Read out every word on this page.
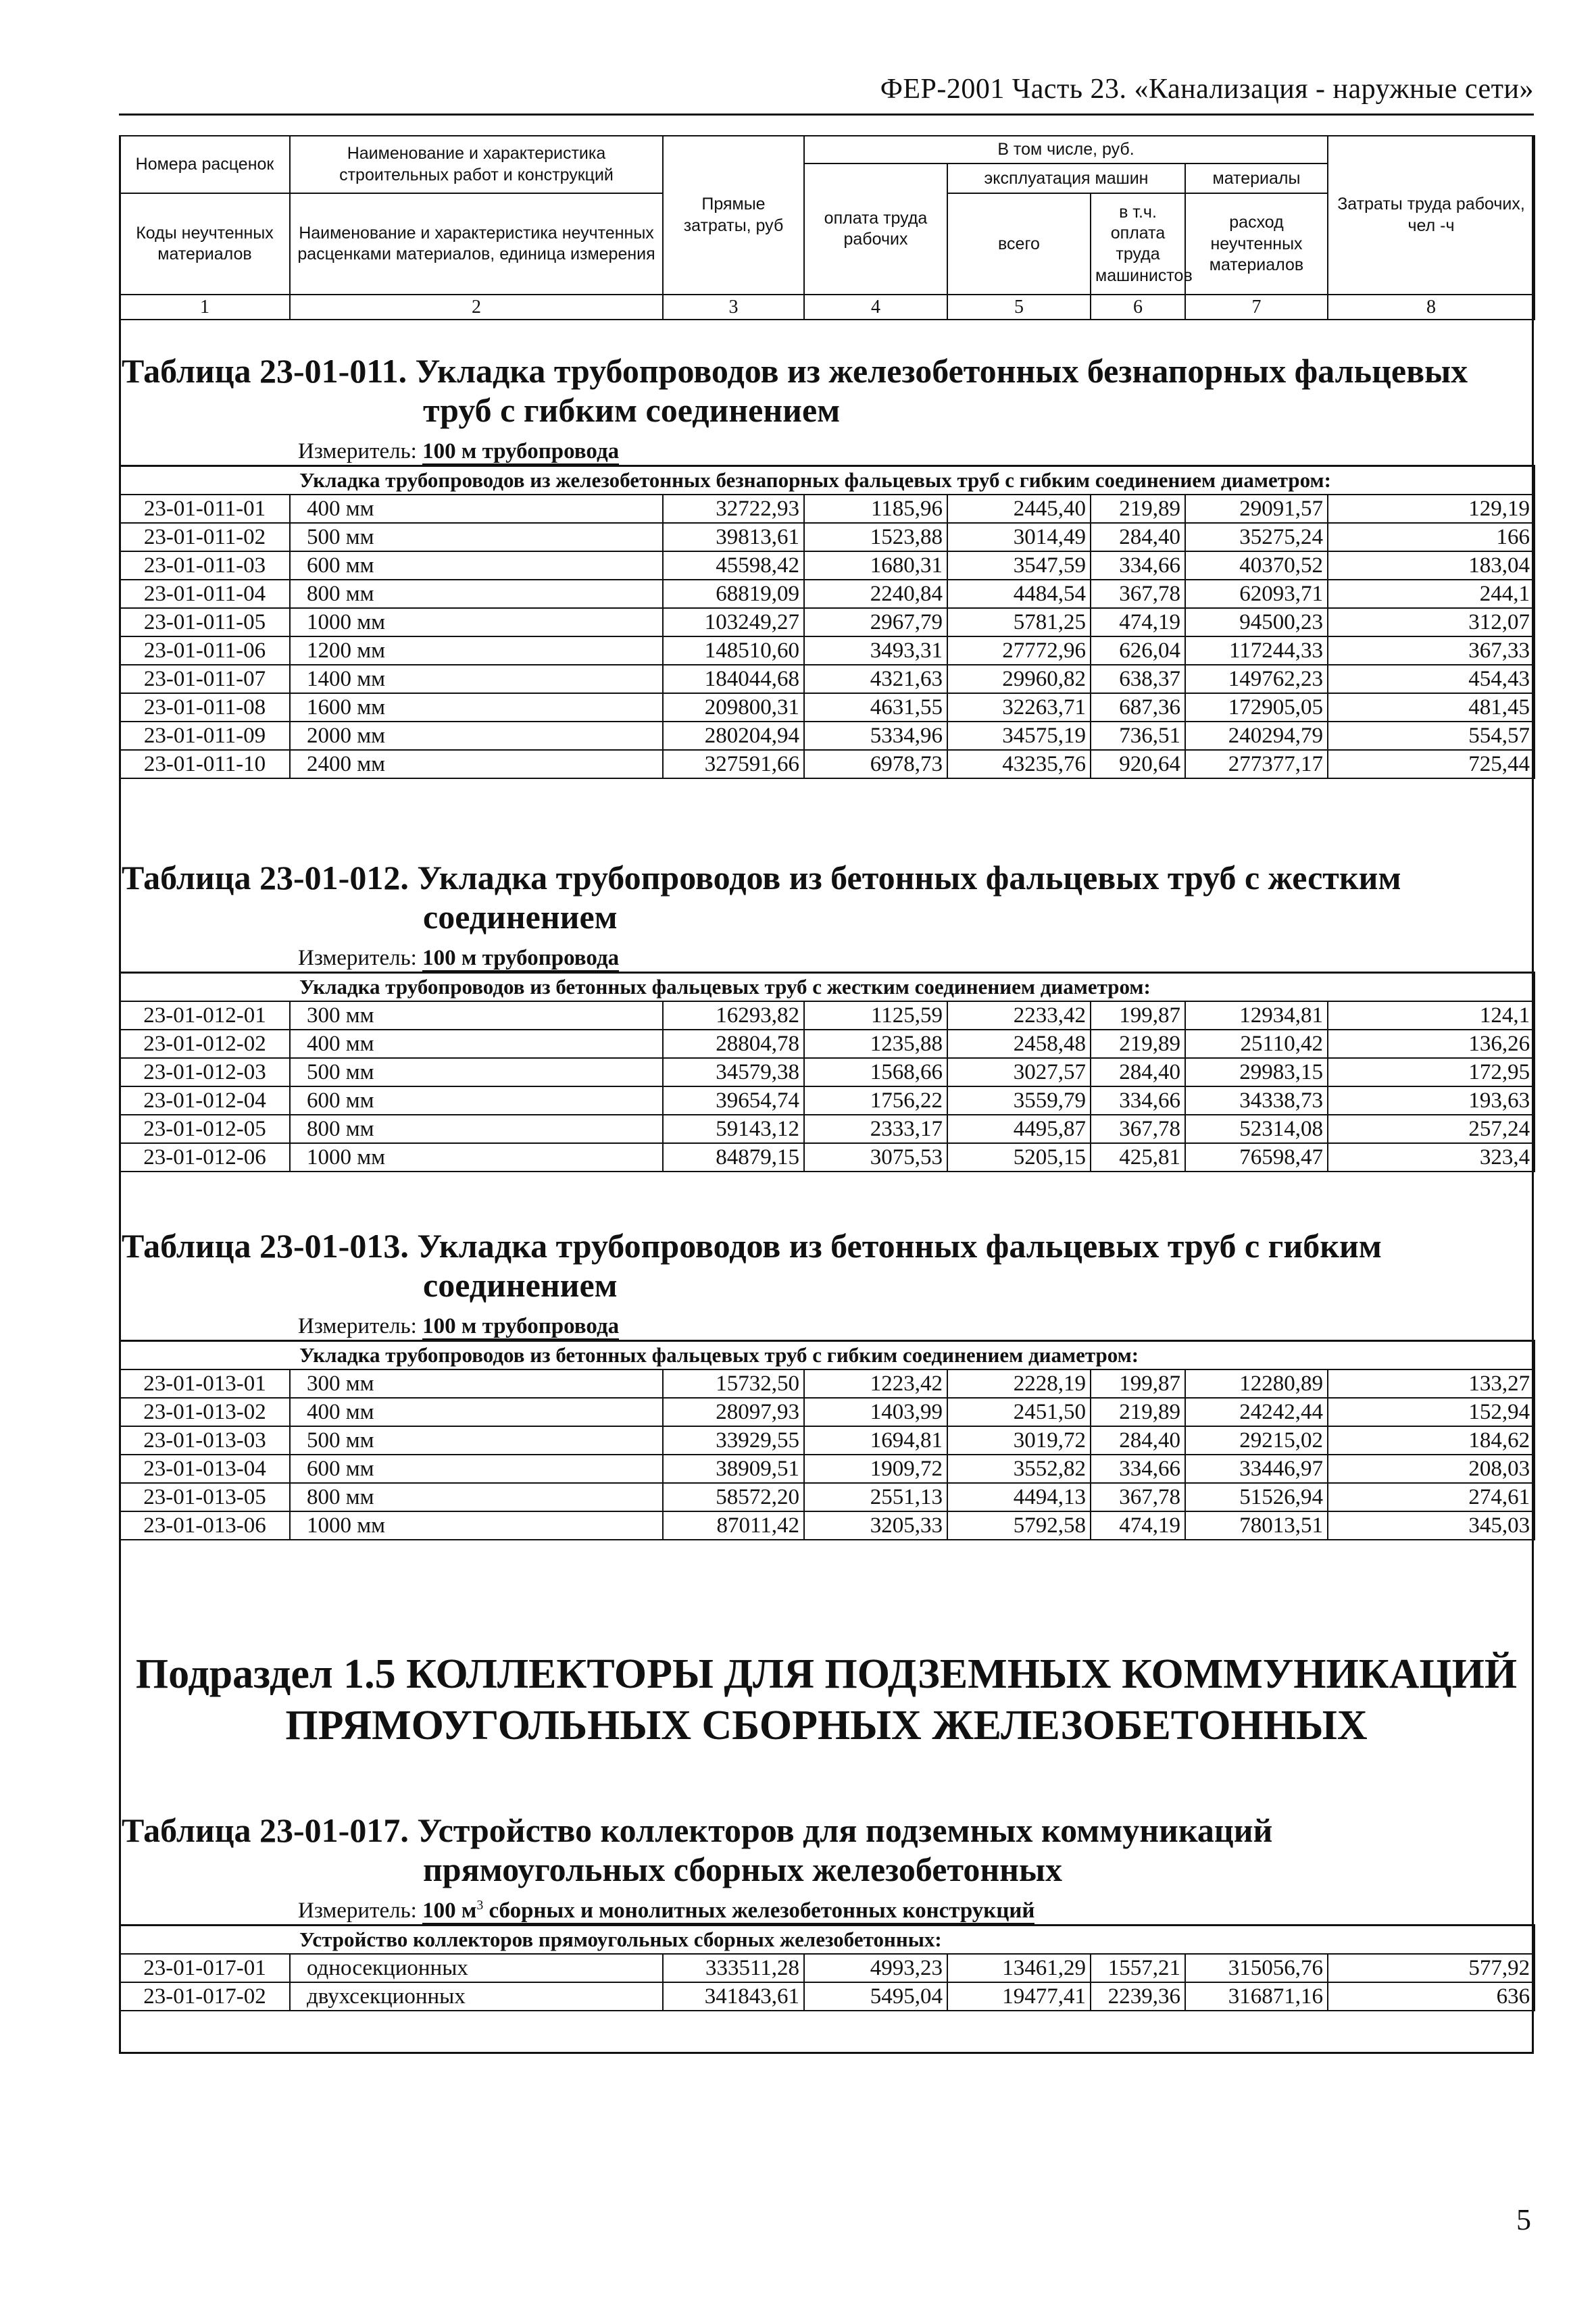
ФЕР-2001 Часть 23. «Канализация - наружные сети»
Номера расценок	Наименование и характеристика строительных работ и конструкций	Прямые затраты, руб	В том числе, руб.				Затраты труда рабочих, чел -ч
			оплата труда рабочих	эксплуатация машин		материалы	
Коды неучтенных материалов	Наименование и характеристика неучтенных расценками материалов, единица измерения			всего	в т.ч. оплата труда машинистов	расход неучтенных материалов	

1	2	3	4	5	6	7	8
Таблица 23-01-011. Укладка трубопроводов из железобетонных безнапорных фальцевых
труб с гибким соединением
Измеритель: 100 м трубопровода
Укладка трубопроводов из железобетонных безнапорных фальцевых труб с гибким соединением диаметром:							
23-01-011-01	400 мм	32722,93	1185,96	2445,40	219,89	29091,57	129,19
23-01-011-02	500 мм	39813,61	1523,88	3014,49	284,40	35275,24	166
23-01-011-03	600 мм	45598,42	1680,31	3547,59	334,66	40370,52	183,04
23-01-011-04	800 мм	68819,09	2240,84	4484,54	367,78	62093,71	244,1
23-01-011-05	1000 мм	103249,27	2967,79	5781,25	474,19	94500,23	312,07
23-01-011-06	1200 мм	148510,60	3493,31	27772,96	626,04	117244,33	367,33
23-01-011-07	1400 мм	184044,68	4321,63	29960,82	638,37	149762,23	454,43
23-01-011-08	1600 мм	209800,31	4631,55	32263,71	687,36	172905,05	481,45
23-01-011-09	2000 мм	280204,94	5334,96	34575,19	736,51	240294,79	554,57
23-01-011-10	2400 мм	327591,66	6978,73	43235,76	920,64	277377,17	725,44
Таблица 23-01-012. Укладка трубопроводов из бетонных фальцевых труб с жестким
соединением
Измеритель: 100 м трубопровода
Укладка трубопроводов из бетонных фальцевых труб с жестким соединением диаметром:							
23-01-012-01	300 мм	16293,82	1125,59	2233,42	199,87	12934,81	124,1
23-01-012-02	400 мм	28804,78	1235,88	2458,48	219,89	25110,42	136,26
23-01-012-03	500 мм	34579,38	1568,66	3027,57	284,40	29983,15	172,95
23-01-012-04	600 мм	39654,74	1756,22	3559,79	334,66	34338,73	193,63
23-01-012-05	800 мм	59143,12	2333,17	4495,87	367,78	52314,08	257,24
23-01-012-06	1000 мм	84879,15	3075,53	5205,15	425,81	76598,47	323,4
Таблица 23-01-013. Укладка трубопроводов из бетонных фальцевых труб с гибким
соединением
Измеритель: 100 м трубопровода
Укладка трубопроводов из бетонных фальцевых труб с гибким соединением диаметром:							
23-01-013-01	300 мм	15732,50	1223,42	2228,19	199,87	12280,89	133,27
23-01-013-02	400 мм	28097,93	1403,99	2451,50	219,89	24242,44	152,94
23-01-013-03	500 мм	33929,55	1694,81	3019,72	284,40	29215,02	184,62
23-01-013-04	600 мм	38909,51	1909,72	3552,82	334,66	33446,97	208,03
23-01-013-05	800 мм	58572,20	2551,13	4494,13	367,78	51526,94	274,61
23-01-013-06	1000 мм	87011,42	3205,33	5792,58	474,19	78013,51	345,03
Подраздел 1.5 КОЛЛЕКТОРЫ ДЛЯ ПОДЗЕМНЫХ КОММУНИКАЦИЙ
ПРЯМОУГОЛЬНЫХ СБОРНЫХ ЖЕЛЕЗОБЕТОННЫХ
Таблица 23-01-017. Устройство коллекторов для подземных коммуникаций
прямоугольных сборных железобетонных
Измеритель: 100 $м^3$ сборных и монолитных железобетонных конструкций
Устройство коллекторов прямоугольных сборных железобетонных:							
23-01-017-01	односекционных	333511,28	4993,23	13461,29	1557,21	315056,76	577,92
23-01-017-02	двухсекционных	341843,61	5495,04	19477,41	2239,36	316871,16	636
5
